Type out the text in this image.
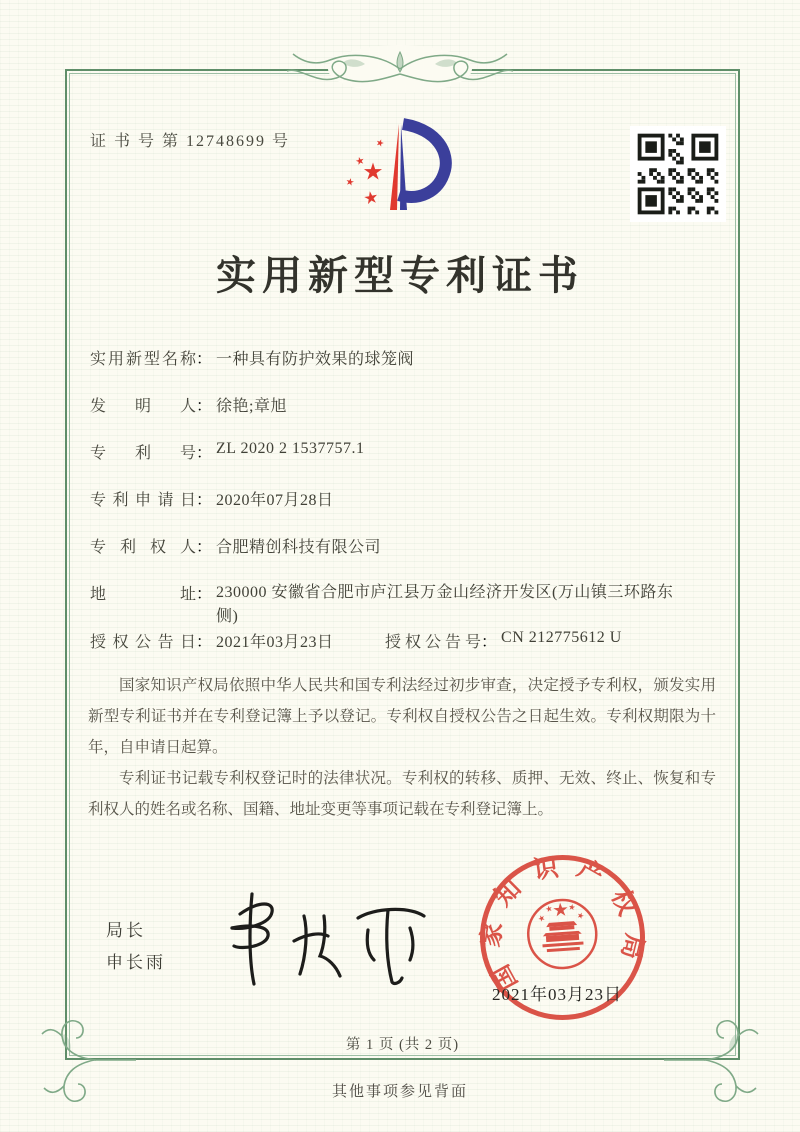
证 书 号 第 12748699 号
实用新型专利证书
实用新型名称： 一种具有防护效果的球笼阀
发明人： 徐艳;章旭
专利号： ZL 2020 2 1537757.1
专利申请日： 2020年07月28日
专利权人： 合肥精创科技有限公司
地址： 230000 安徽省合肥市庐江县万金山经济开发区(万山镇三环路东侧)
授权公告日： 2021年03月23日	授权公告号： CN 212775612 U

国家知识产权局依照中华人民共和国专利法经过初步审查，决定授予专利权，颁发实用新型专利证书并在专利登记簿上予以登记。专利权自授权公告之日起生效。专利权期限为十年，自申请日起算。

专利证书记载专利权登记时的法律状况。专利权的转移、质押、无效、终止、恢复和专利权人的姓名或名称、国籍、地址变更等事项记载在专利登记簿上。

局长
申长雨	国家知识产权局
2021年03月23日
第 1 页 (共 2 页)
其他事项参见背面
